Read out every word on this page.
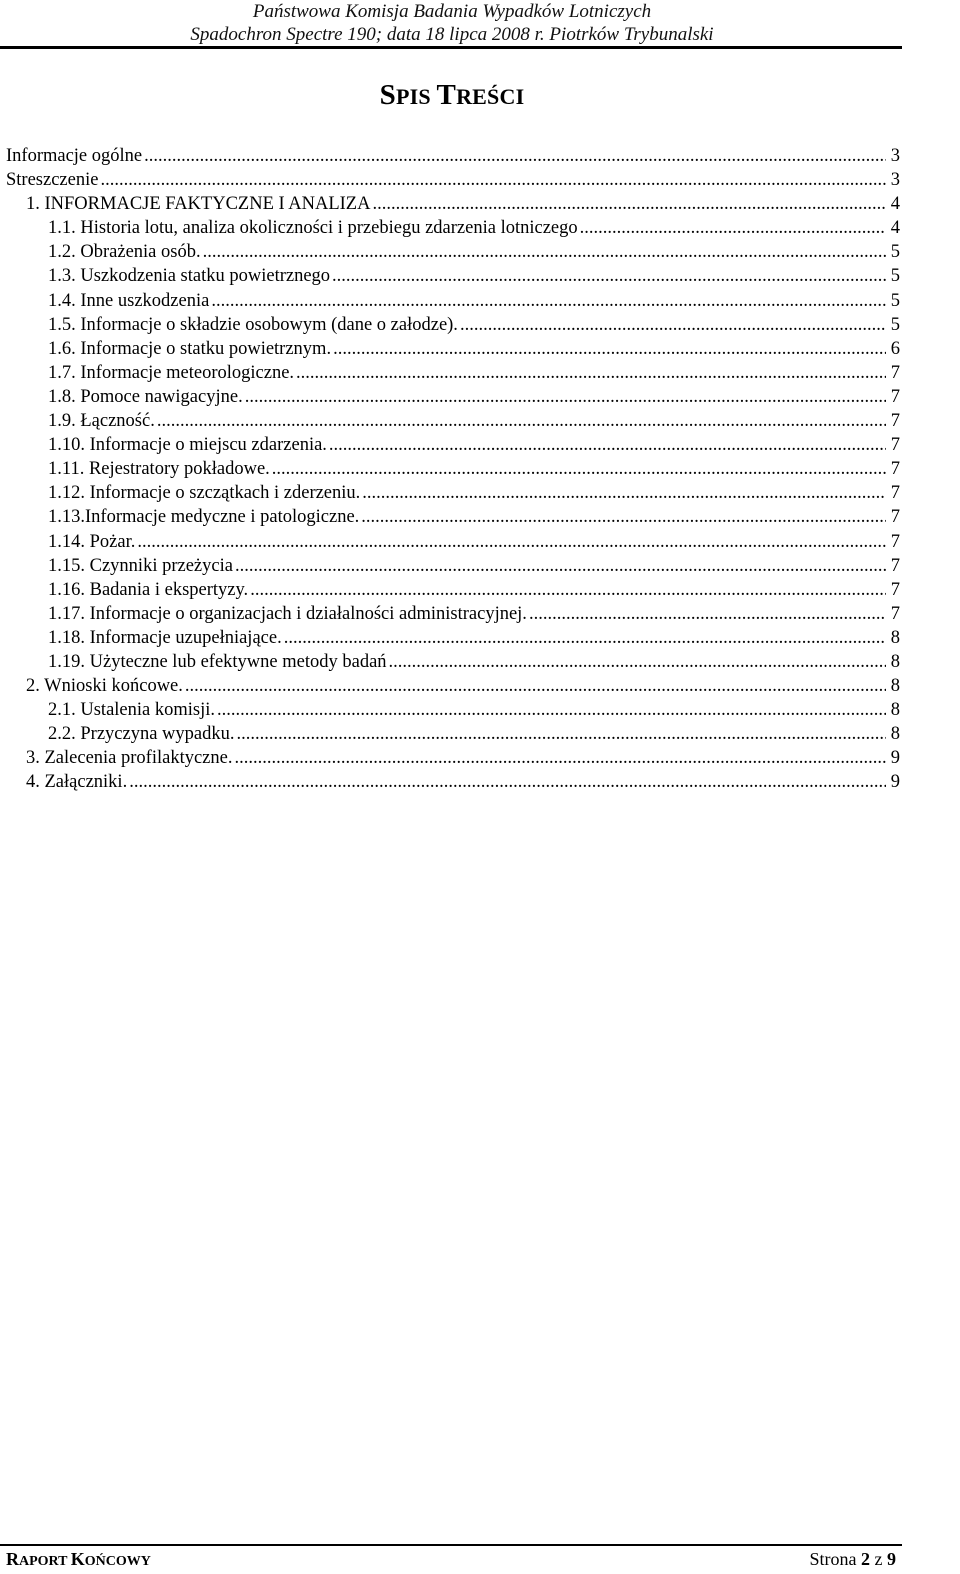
Państwowa Komisja Badania Wypadków Lotniczych
Spadochron Spectre 190; data 18 lipca 2008 r. Piotrków Trybunalski
SPIS TREŚCI
Informacje ogólne .....	3
Streszczenie .....	3
1. INFORMACJE FAKTYCZNE I ANALIZA .....	4
1.1. Historia lotu, analiza okoliczności i przebiegu zdarzenia lotniczego .....	4
1.2. Obrażenia osób. .....	5
1.3. Uszkodzenia statku powietrznego .....	5
1.4. Inne uszkodzenia .....	5
1.5. Informacje o składzie osobowym (dane o załodze). .....	5
1.6. Informacje o statku powietrznym. .....	6
1.7. Informacje meteorologiczne. .....	7
1.8. Pomoce nawigacyjne. .....	7
1.9. Łączność. .....	7
1.10. Informacje o miejscu zdarzenia. .....	7
1.11. Rejestratory pokładowe. .....	7
1.12. Informacje o szczątkach i zderzeniu. .....	7
1.13.Informacje medyczne i patologiczne. .....	7
1.14. Pożar. .....	7
1.15. Czynniki przeżycia .....	7
1.16. Badania i ekspertyzy. .....	7
1.17. Informacje o organizacjach i działalności administracyjnej. .....	7
1.18. Informacje uzupełniające. .....	8
1.19. Użyteczne lub efektywne metody badań .....	8
2. Wnioski końcowe. .....	8
2.1. Ustalenia komisji. .....	8
2.2. Przyczyna wypadku. .....	8
3. Zalecenia profilaktyczne. .....	9
4. Załączniki. .....	9
RAPORT KOŃCOWY	Strona 2 z 9
